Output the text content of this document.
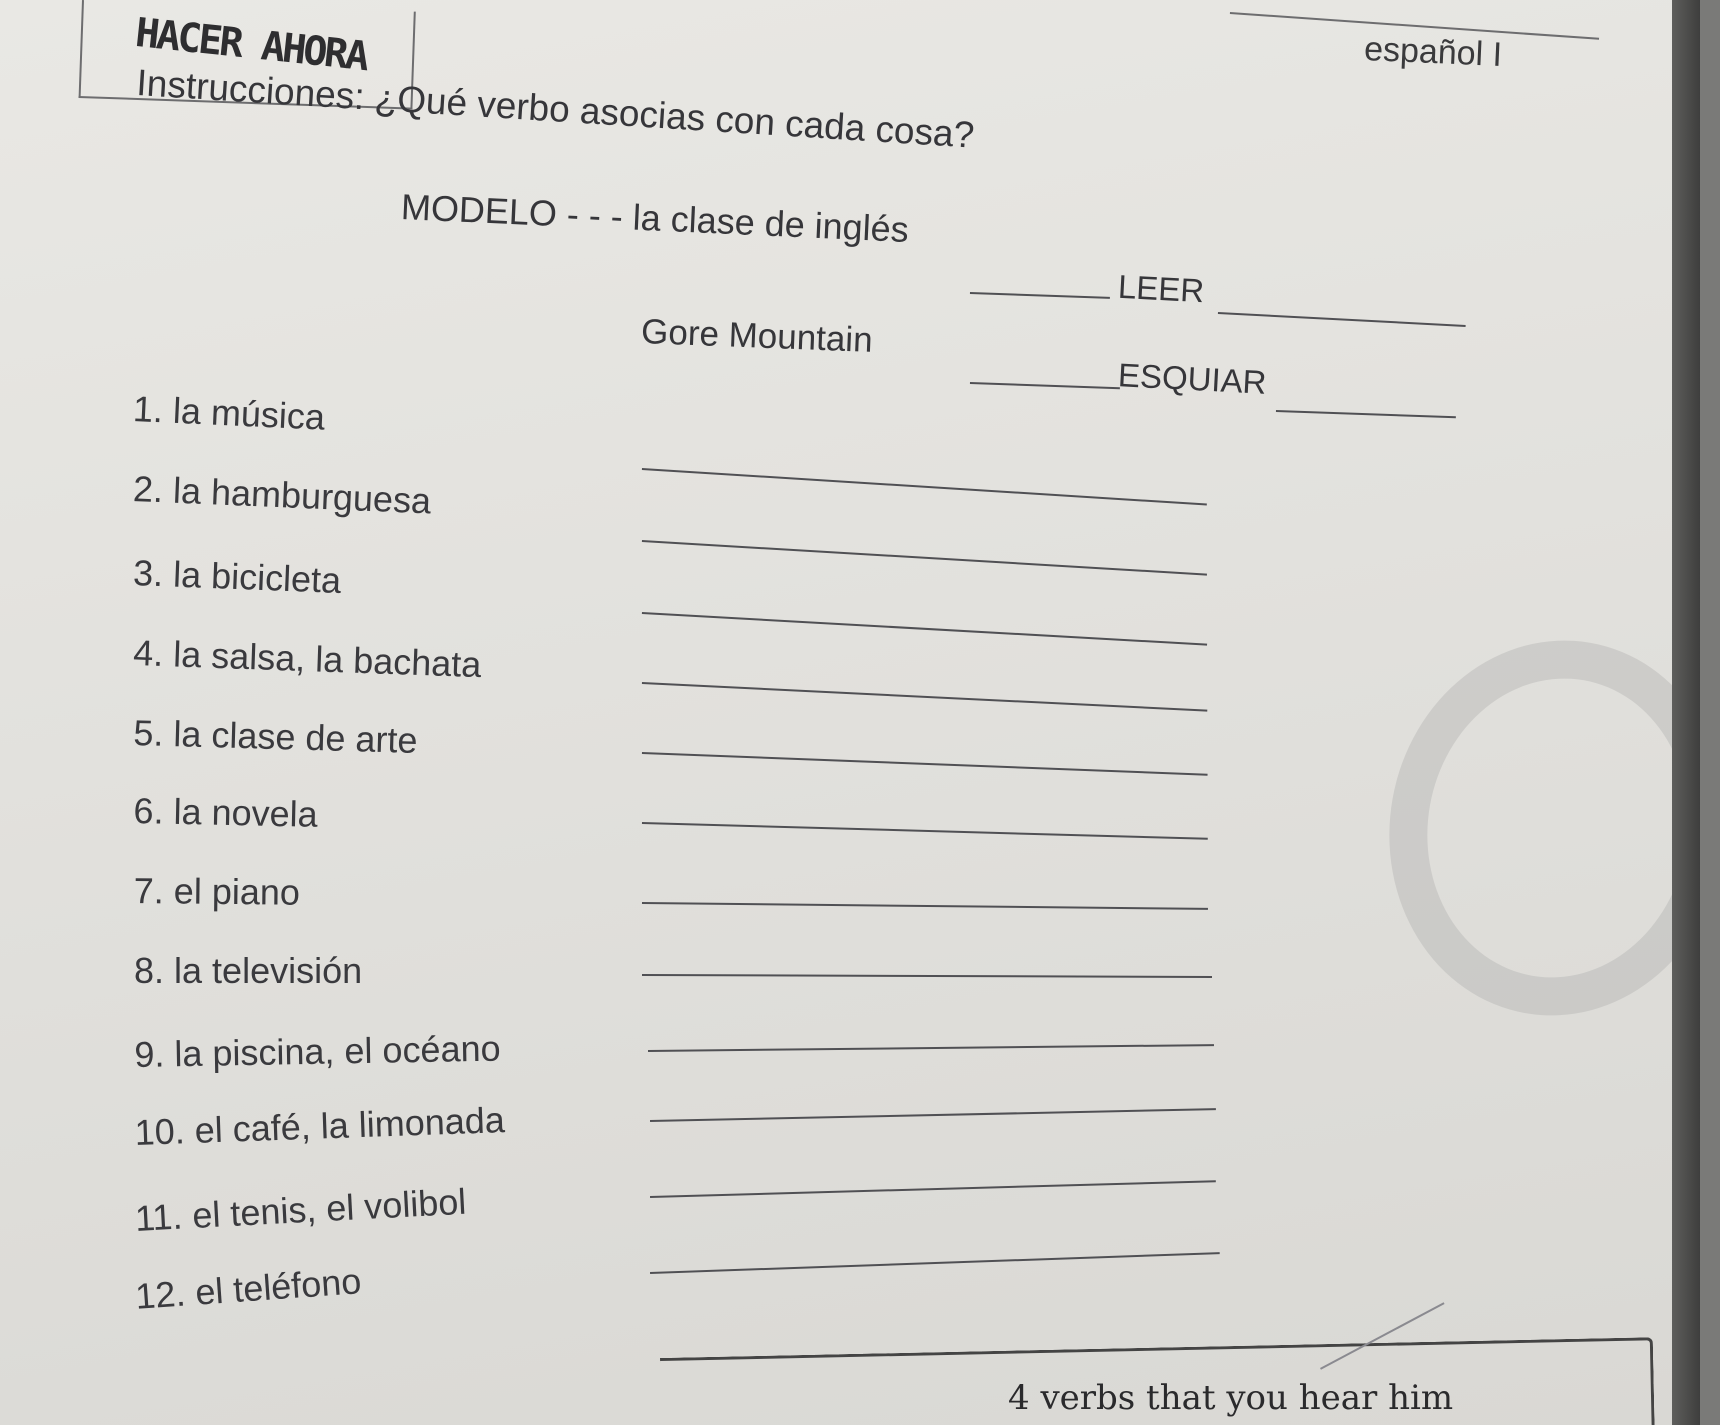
HACER AHORA	español I
Instrucciones: ¿Qué verbo asocias con cada cosa?
MODELO - - - la clase de inglés
LEER
Gore Mountain
ESQUIAR
1. la música
2. la hamburguesa
3. la bicicleta
4. la salsa, la bachata
5. la clase de arte
6. la novela
7. el piano
8. la televisión
9. la piscina, el océano
10. el café, la limonada
11. el tenis, el volibol
12. el teléfono
4 verbs that you hear him
